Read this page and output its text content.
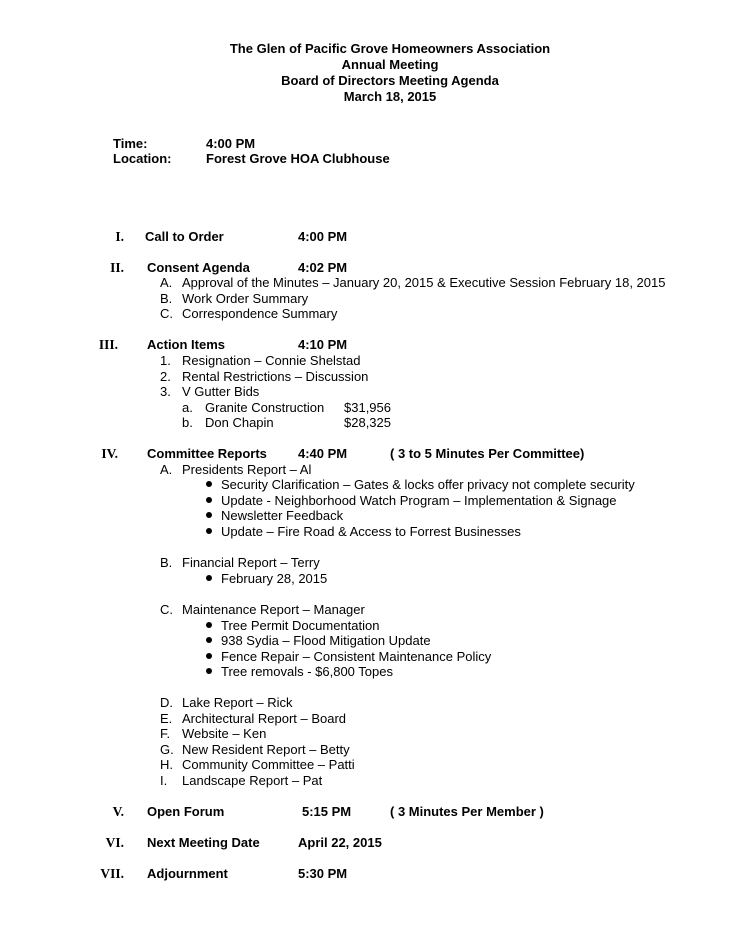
The Glen of Pacific Grove Homeowners Association
Annual Meeting
Board of Directors Meeting Agenda
March 18, 2015
Time:	4:00 PM
Location:	Forest Grove HOA Clubhouse
I. Call to Order	4:00 PM
II. Consent Agenda	4:02 PM
A. Approval of the Minutes – January 20, 2015 & Executive Session February 18, 2015
B. Work Order Summary
C. Correspondence Summary
III. Action Items	4:10 PM
1. Resignation – Connie Shelstad
2. Rental Restrictions – Discussion
3. V Gutter Bids
a. Granite Construction $31,956
b. Don Chapin	$28,325
IV. Committee Reports 4:40 PM	( 3 to 5 Minutes Per Committee)
A. Presidents Report – Al
Security Clarification – Gates & locks offer privacy not complete security
Update - Neighborhood Watch Program – Implementation & Signage
Newsletter Feedback
Update – Fire Road & Access to Forrest Businesses
B. Financial Report – Terry
February 28, 2015
C. Maintenance Report – Manager
Tree Permit Documentation
938 Sydia – Flood Mitigation Update
Fence Repair – Consistent Maintenance Policy
Tree removals - $6,800 Topes
D. Lake Report – Rick
E. Architectural Report – Board
F. Website – Ken
G. New Resident Report – Betty
H. Community Committee – Patti
I. Landscape Report – Pat
V. Open Forum	5:15 PM	( 3 Minutes Per Member )
VI. Next Meeting Date	April 22, 2015
VII. Adjournment	5:30 PM
